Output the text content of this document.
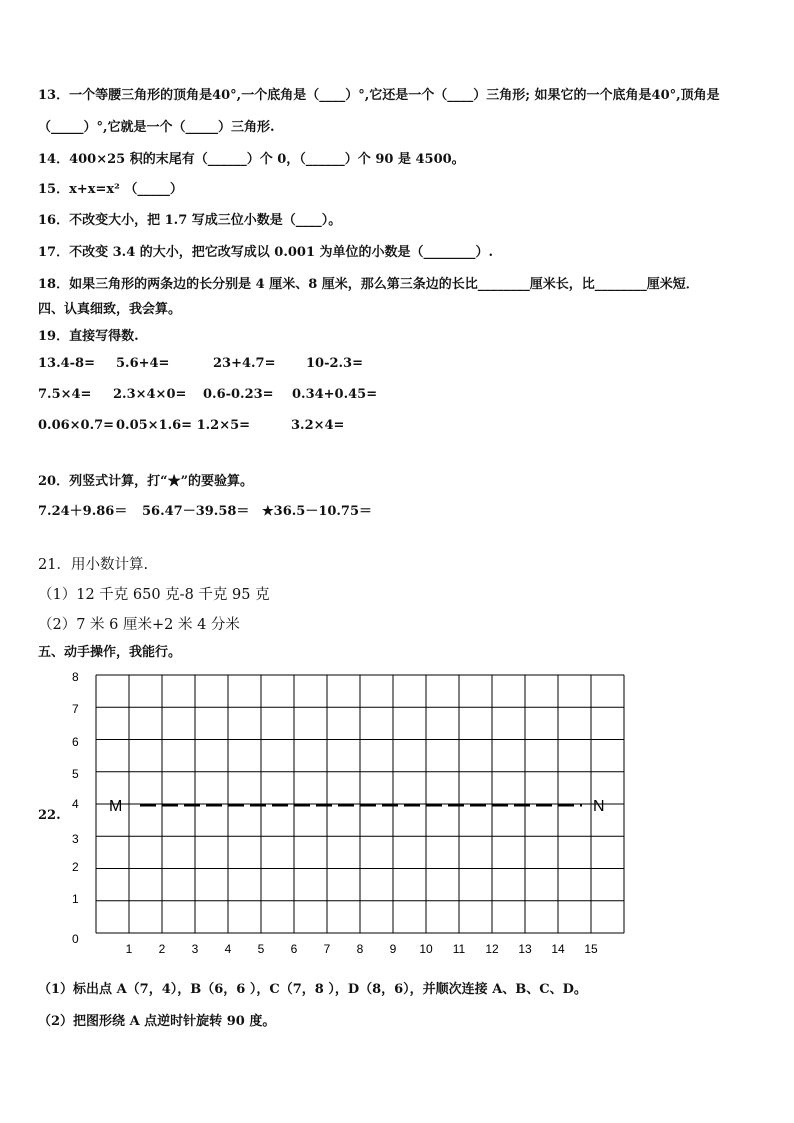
13．一个等腰三角形的顶角是40°,一个底角是（____）°,它还是一个（____）三角形; 如果它的一个底角是40°,顶角是
（_____）°,它就是一个（_____）三角形.
14．400×25 积的末尾有（______）个 0，（______）个 90 是 4500。
15．x+x=x² （_____）
16．不改变大小，把 1.7 写成三位小数是（____）。
17．不改变 3.4 的大小，把它改写成以 0.001 为单位的小数是（________）.
18．如果三角形的两条边的长分别是 4 厘米、8 厘米，那么第三条边的长比________厘米长，比________厘米短．
四、认真细致，我会算。
19．直接写得数.
13.4-8= 5.6+4=	23+4.7= 10-2.3=
7.5×4= 2.3×4×0= 0.6-0.23= 0.34+0.45=
0.06×0.7= 0.05×1.6= 1.2×5=	3.2×4=
20．列竖式计算，打“★”的要验算。
7.24＋9.86＝ 56.47－39.58＝ ★36.5－10.75＝
21．用小数计算.
（1）12 千克 650 克-8 千克 95 克
（2）7 米 6 厘米+2 米 4 分米
五、动手操作，我能行。
22.
0
1
2
3
4
5
6
7
8
1 2 3 4 5 6 7 8 9 10 11 12 13 14 15
M	N
（1）标出点 A（7，4），B（6，6 ），C（7，8 ），D（8，6），并顺次连接 A、B、C、D。
（2）把图形绕 A 点逆时针旋转 90 度。
